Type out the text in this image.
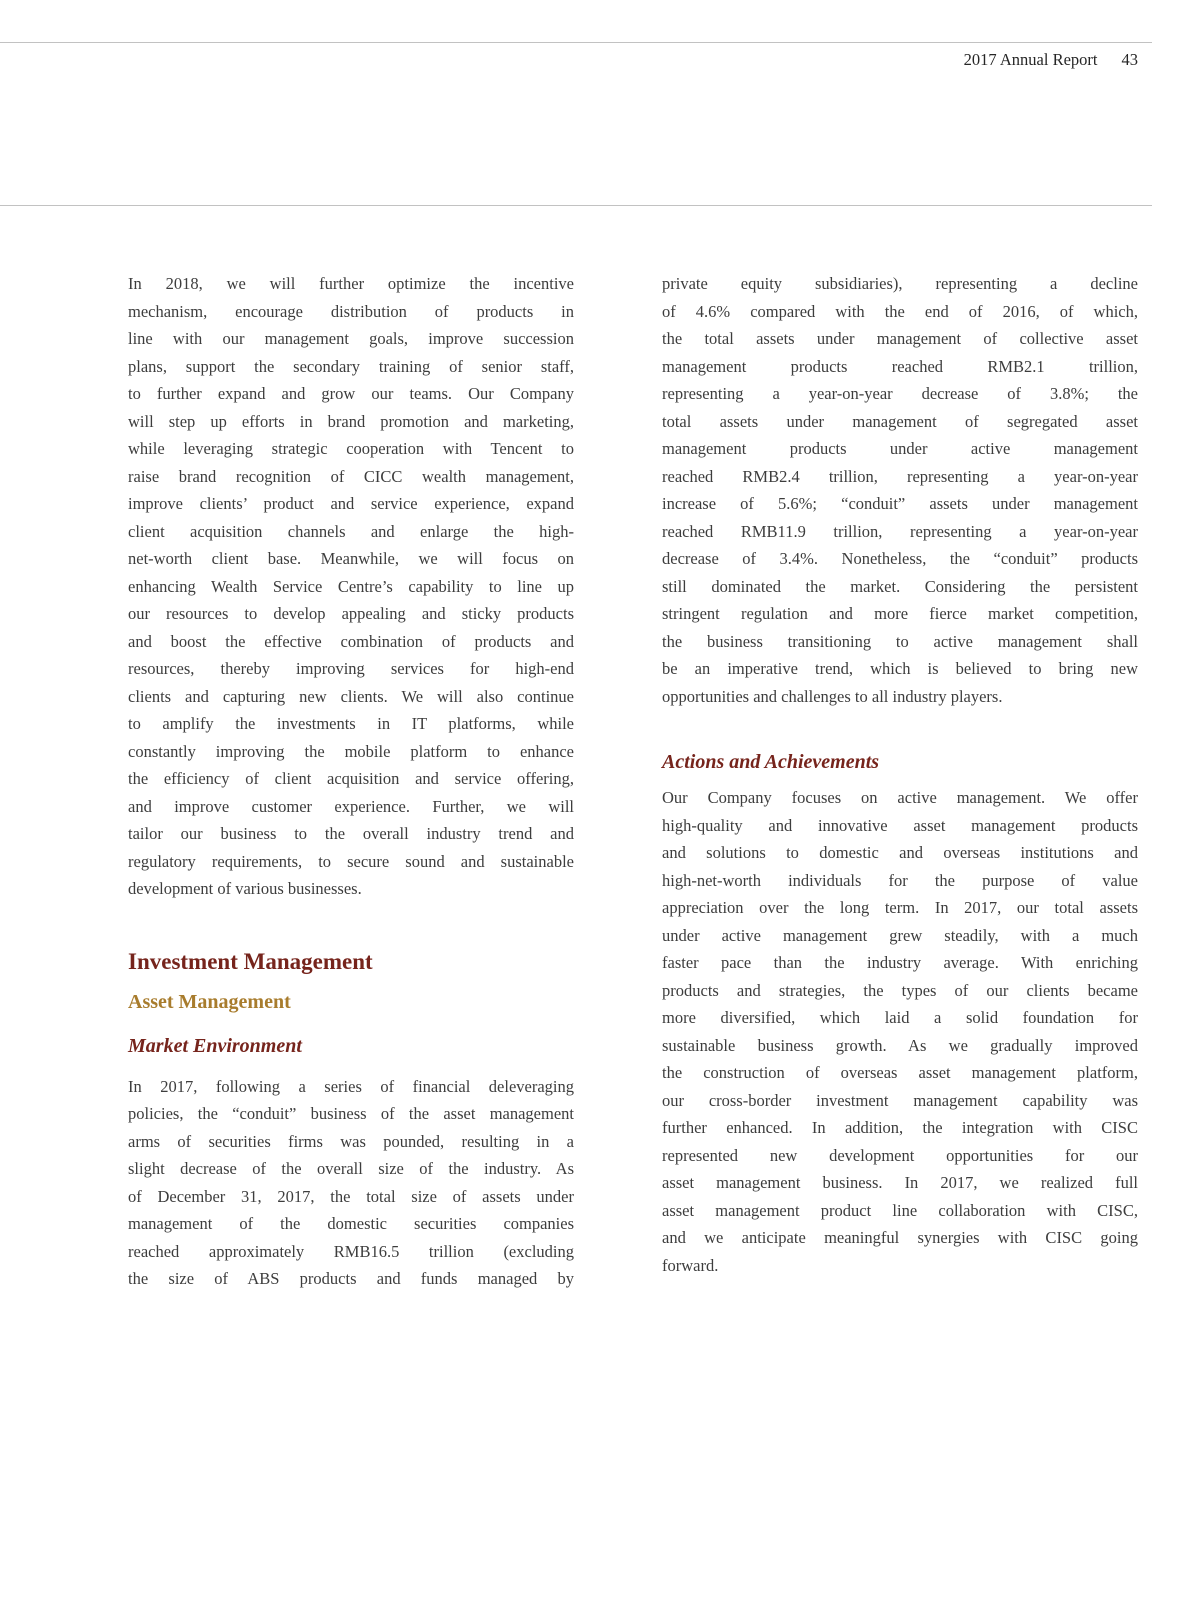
2017 Annual Report 43
In 2018, we will further optimize the incentive
mechanism, encourage distribution of products in
line with our management goals, improve succession
plans, support the secondary training of senior staff,
to further expand and grow our teams. Our Company
will step up efforts in brand promotion and marketing,
while leveraging strategic cooperation with Tencent to
raise brand recognition of CICC wealth management,
improve clients’ product and service experience, expand
client acquisition channels and enlarge the high-
net-worth client base. Meanwhile, we will focus on
enhancing Wealth Service Centre’s capability to line up
our resources to develop appealing and sticky products
and boost the effective combination of products and
resources, thereby improving services for high-end
clients and capturing new clients. We will also continue
to amplify the investments in IT platforms, while
constantly improving the mobile platform to enhance
the efficiency of client acquisition and service offering,
and improve customer experience. Further, we will
tailor our business to the overall industry trend and
regulatory requirements, to secure sound and sustainable
development of various businesses.
Investment Management
Asset Management
Market Environment
In 2017, following a series of financial deleveraging
policies, the “conduit” business of the asset management
arms of securities firms was pounded, resulting in a
slight decrease of the overall size of the industry. As
of December 31, 2017, the total size of assets under
management of the domestic securities companies
reached approximately RMB16.5 trillion (excluding
the size of ABS products and funds managed by
private equity subsidiaries), representing a decline
of 4.6% compared with the end of 2016, of which,
the total assets under management of collective asset
management products reached RMB2.1 trillion,
representing a year-on-year decrease of 3.8%; the
total assets under management of segregated asset
management products under active management
reached RMB2.4 trillion, representing a year-on-year
increase of 5.6%; “conduit” assets under management
reached RMB11.9 trillion, representing a year-on-year
decrease of 3.4%. Nonetheless, the “conduit” products
still dominated the market. Considering the persistent
stringent regulation and more fierce market competition,
the business transitioning to active management shall
be an imperative trend, which is believed to bring new
opportunities and challenges to all industry players.
Actions and Achievements
Our Company focuses on active management. We offer
high-quality and innovative asset management products
and solutions to domestic and overseas institutions and
high-net-worth individuals for the purpose of value
appreciation over the long term. In 2017, our total assets
under active management grew steadily, with a much
faster pace than the industry average. With enriching
products and strategies, the types of our clients became
more diversified, which laid a solid foundation for
sustainable business growth. As we gradually improved
the construction of overseas asset management platform,
our cross-border investment management capability was
further enhanced. In addition, the integration with CISC
represented new development opportunities for our
asset management business. In 2017, we realized full
asset management product line collaboration with CISC,
and we anticipate meaningful synergies with CISC going
forward.
